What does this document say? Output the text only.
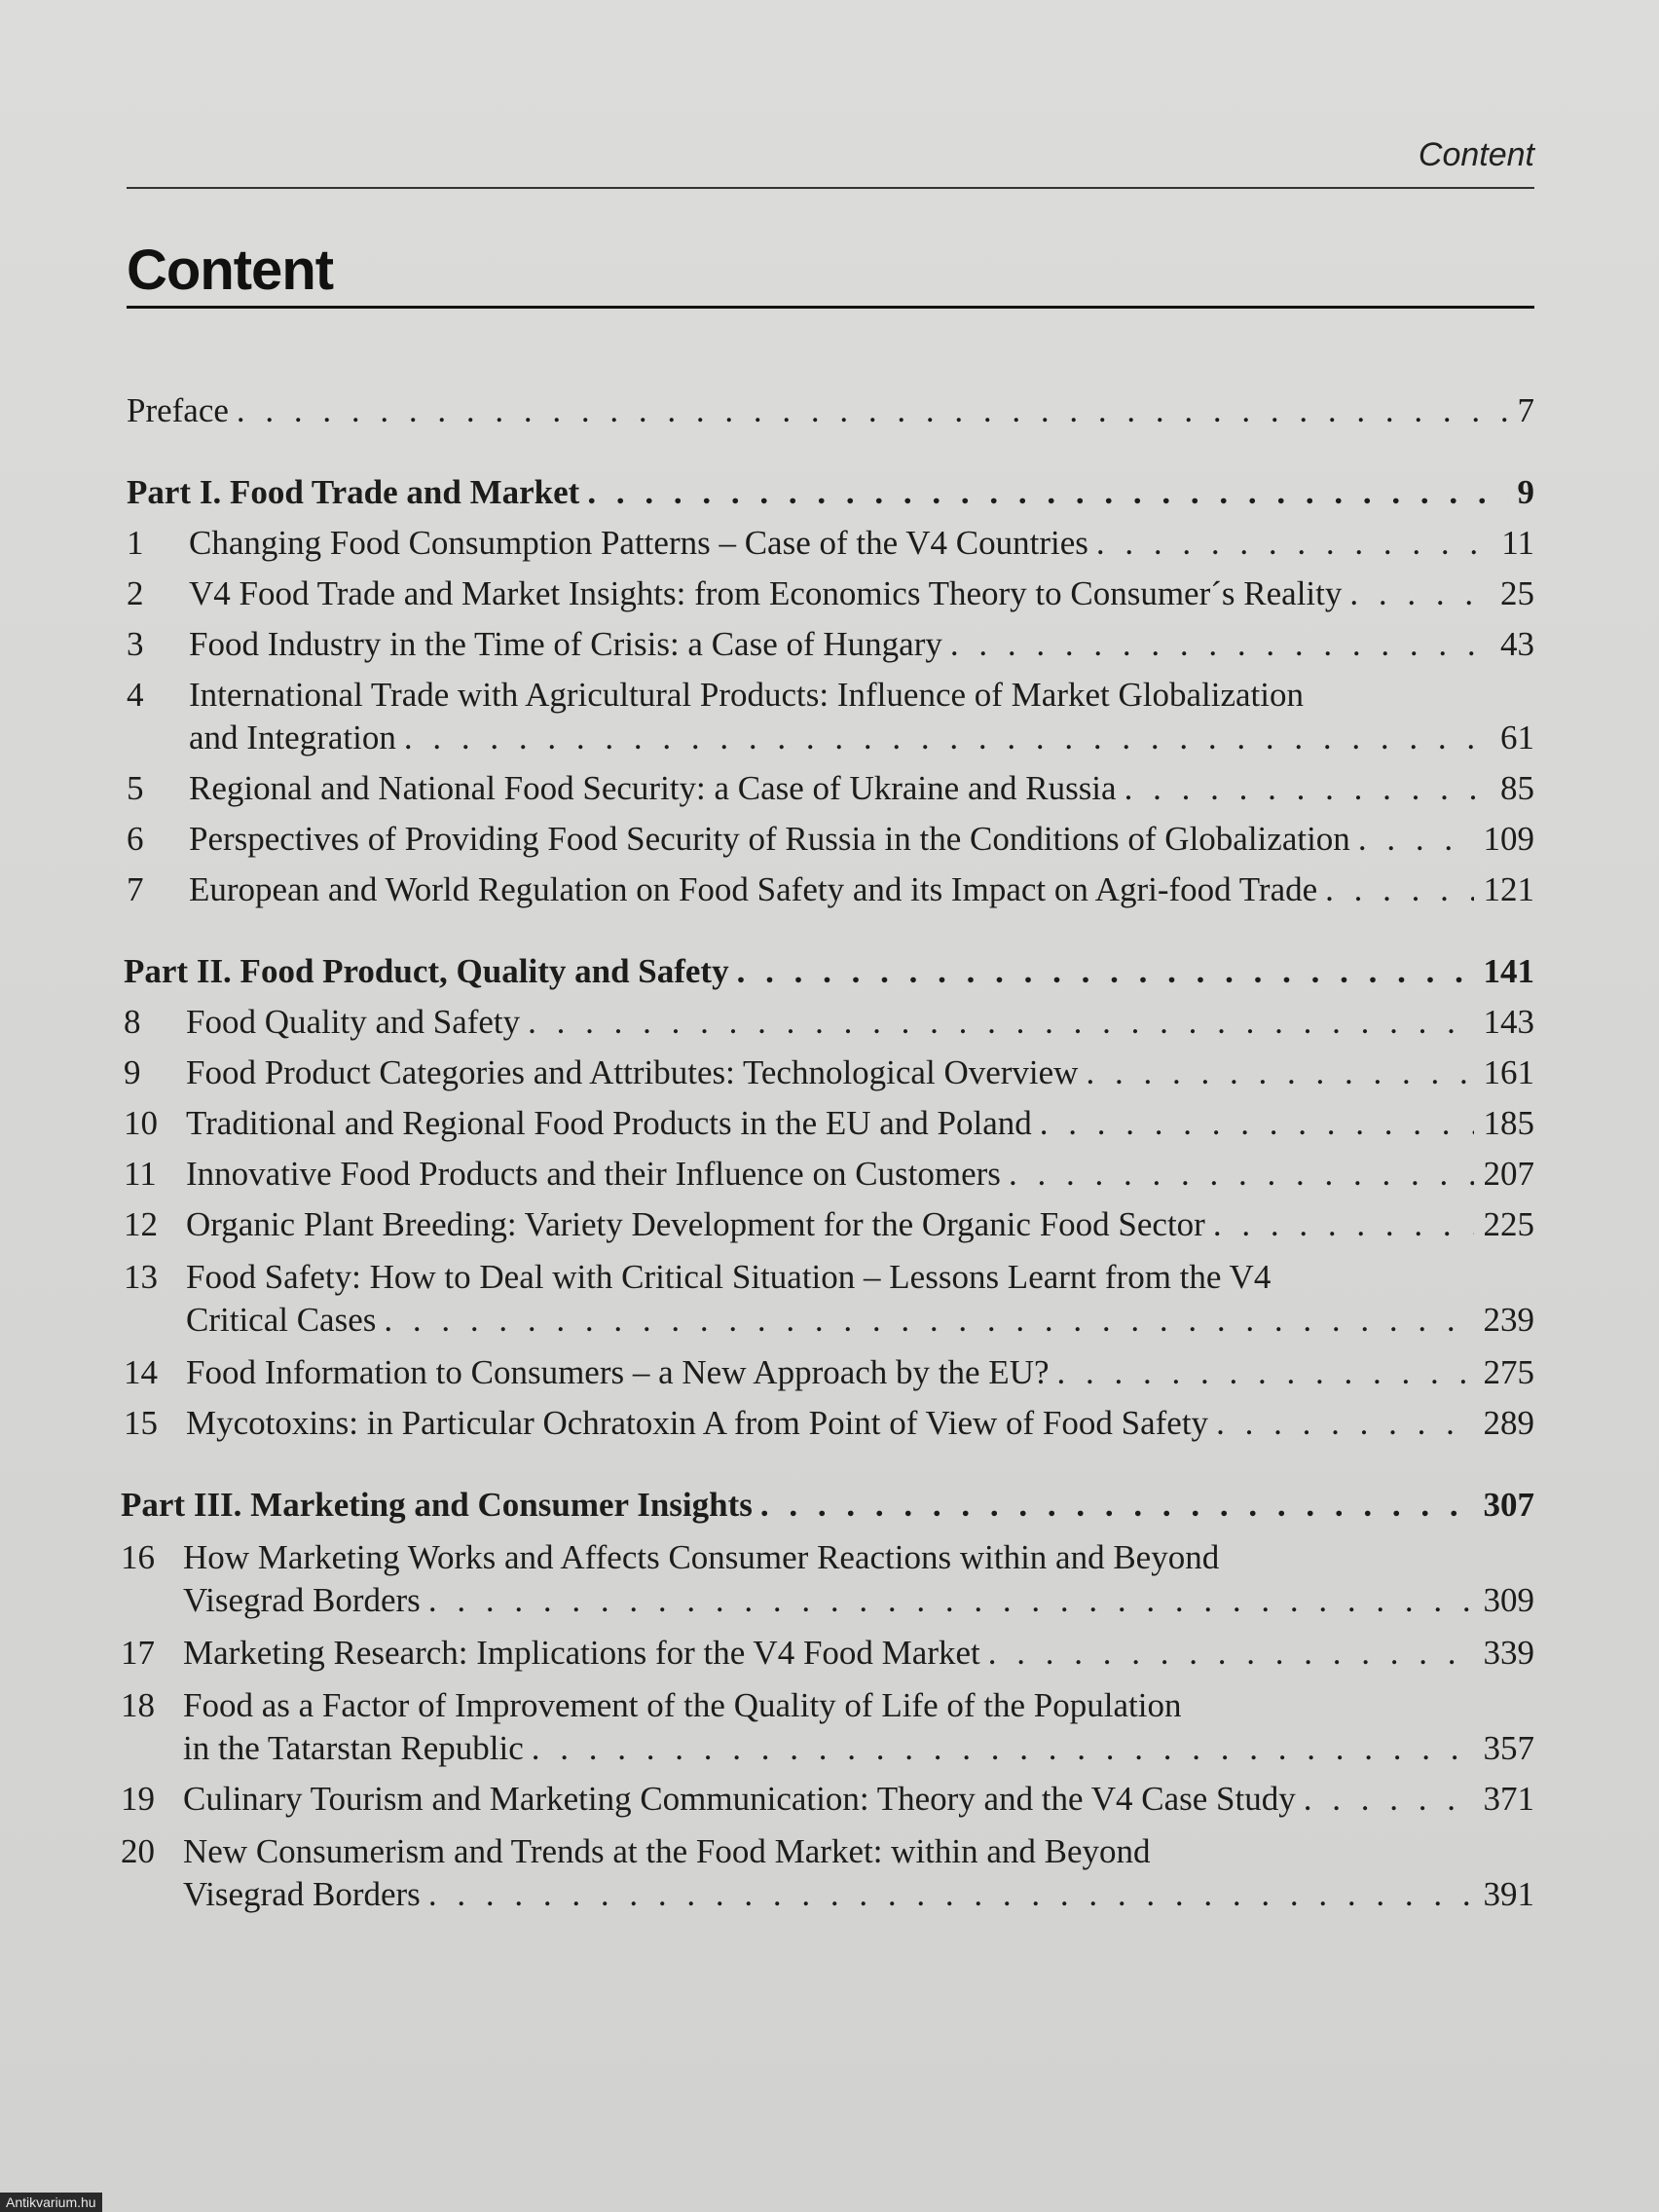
Content
Content
Preface . . .	7
Part I. Food Trade and Market . . .	9
1	Changing Food Consumption Patterns – Case of the V4 Countries . . .	11
2	V4 Food Trade and Market Insights: from Economics Theory to Consumer´s Reality . . .	25
3	Food Industry in the Time of Crisis: a Case of Hungary . . .	43
4 International Trade with Agricultural Products: Influence of Market Globalization
and Integration . . .	61
5	Regional and National Food Security: a Case of Ukraine and Russia . . .	85
6	Perspectives of Providing Food Security of Russia in the Conditions of Globalization . . .	109
7	European and World Regulation on Food Safety and its Impact on Agri-food Trade . . .	121
Part II. Food Product, Quality and Safety . . .	141
8	Food Quality and Safety . . .	143
9	Food Product Categories and Attributes: Technological Overview . . .	161
10 Traditional and Regional Food Products in the EU and Poland . . .	185
11 Innovative Food Products and their Influence on Customers . . .	207
12 Organic Plant Breeding: Variety Development for the Organic Food Sector . . .	225
13 Food Safety: How to Deal with Critical Situation – Lessons Learnt from the V4
Critical Cases . . .	239
14 Food Information to Consumers – a New Approach by the EU? . . .	275
15 Mycotoxins: in Particular Ochratoxin A from Point of View of Food Safety . . .	289
Part III. Marketing and Consumer Insights . . .	307
16 How Marketing Works and Affects Consumer Reactions within and Beyond
Visegrad Borders . . .	309
17 Marketing Research: Implications for the V4 Food Market . . .	339
18 Food as a Factor of Improvement of the Quality of Life of the Population
in the Tatarstan Republic . . .	357
19 Culinary Tourism and Marketing Communication: Theory and the V4 Case Study . . .	371
20 New Consumerism and Trends at the Food Market: within and Beyond
Visegrad Borders . . .	391
Antikvarium.hu
